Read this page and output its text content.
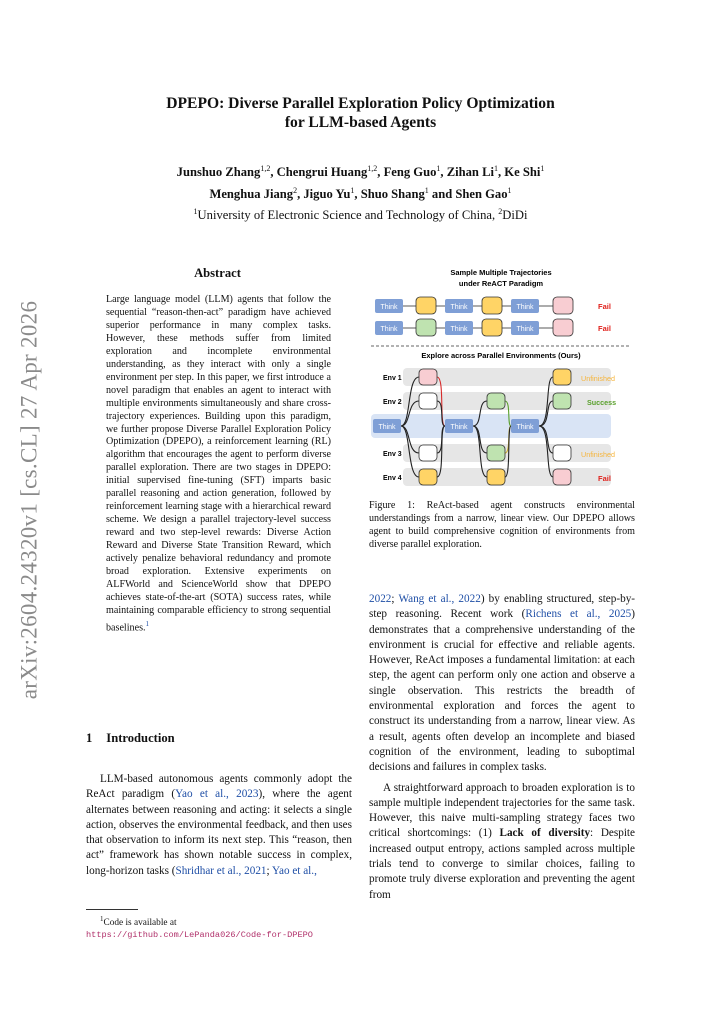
arXiv:2604.24320v1 [cs.CL] 27 Apr 2026
DPEPO: Diverse Parallel Exploration Policy Optimization
for LLM-based Agents
Junshuo Zhang$^{1,2}$, Chengrui Huang$^{1,2}$, Feng Guo$^1$, Zihan Li$^1$, Ke Shi$^1$
Menghua Jiang$^2$, Jiguo Yu$^1$, Shuo Shang$^1$ and Shen Gao$^1$
$^1$University of Electronic Science and Technology of China, $^2$DiDi
Abstract
Large language model (LLM) agents that follow the sequential “reason-then-act” paradigm have achieved superior performance in many complex tasks. However, these methods suffer from limited exploration and incomplete environmental understanding, as they interact with only a single environment per step. In this paper, we first introduce a novel paradigm that enables an agent to interact with multiple environments simultaneously and share cross-trajectory experiences. Building upon this paradigm, we further propose Diverse Parallel Exploration Policy Optimization (DPEPO), a reinforcement learning (RL) algorithm that encourages the agent to perform diverse parallel exploration. There are two stages in DPEPO: initial supervised fine-tuning (SFT) imparts basic parallel reasoning and action generation, followed by reinforcement learning stage with a hierarchical reward scheme. We design a parallel trajectory-level success reward and two step-level rewards: Diverse Action Reward and Diverse State Transition Reward, which actively penalize behavioral redundancy and promote broad exploration. Extensive experiments on ALFWorld and ScienceWorld show that DPEPO achieves state-of-the-art (SOTA) success rates, while maintaining comparable efficiency to strong sequential baselines.$^1$
1 Introduction

LLM-based autonomous agents commonly adopt the ReAct paradigm (Yao et al., 2023), where the agent alternates between reasoning and acting: it selects a single action, observes the environmental feedback, and then uses that observation to inform its next step. This “reason, then act” framework has shown notable success in complex, long-horizon tasks (Shridhar et al., 2021; Yao et al.,

$^1$Code is available at https://github.com/LePanda026/Code-for-DPEPO
Sample Multiple Trajectories
under ReACT Paradigm
Think	Think	Think	Fail
Think	Think	Think	Fail
Explore across Parallel Environments (Ours)
Env 1
Env 2
Env 3
Env 4
Think	Think	Think
Unfinished
Success
Unfinished
Fail
Figure 1: ReAct-based agent constructs environmental understandings from a narrow, linear view. Our DPEPO allows agent to build comprehensive cognition of environments from diverse parallel exploration.

2022; Wang et al., 2022) by enabling structured, step-by-step reasoning. Recent work (Richens et al., 2025) demonstrates that a comprehensive understanding of the environment is crucial for effective and reliable agents. However, ReAct imposes a fundamental limitation: at each step, the agent can perform only one action and observe a single observation. This restricts the breadth of environmental exploration and forces the agent to construct its understanding from a narrow, linear view. As a result, agents often develop an incomplete and biased cognition of the environment, leading to suboptimal decisions and failures in complex tasks.

A straightforward approach to broaden exploration is to sample multiple independent trajectories for the same task. However, this naive multi-sampling strategy faces two critical shortcomings: (1) Lack of diversity: Despite increased output entropy, actions sampled across multiple trials tend to converge to similar choices, failing to promote truly diverse exploration and preventing the agent from
